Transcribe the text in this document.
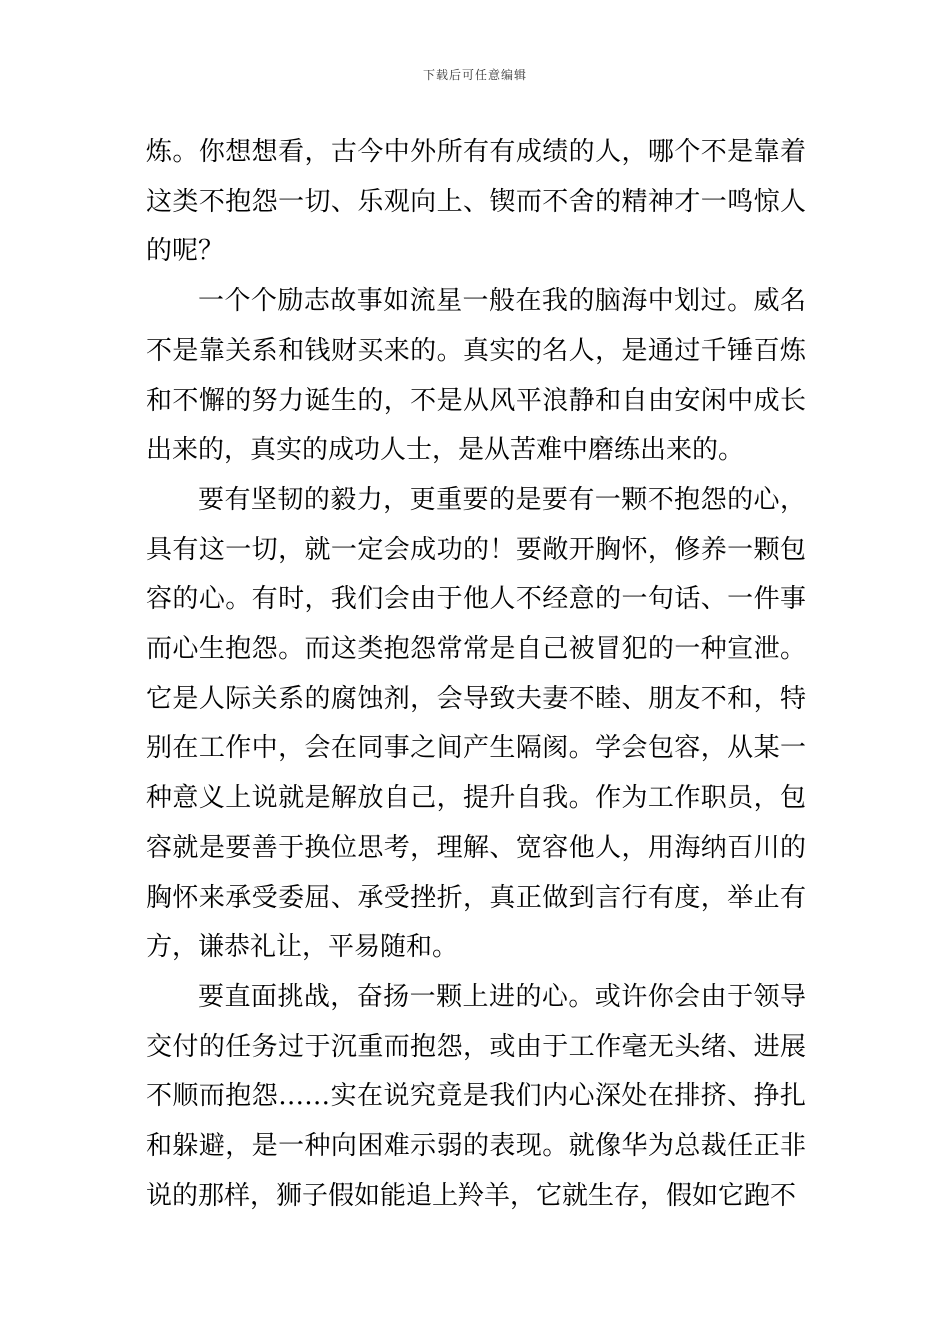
下载后可任意编辑

炼。你想想看，古今中外所有有成绩的人，哪个不是靠着这类不抱怨一切、乐观向上、锲而不舍的精神才一鸣惊人的呢？

一个个励志故事如流星一般在我的脑海中划过。威名不是靠关系和钱财买来的。真实的名人，是通过千锤百炼和不懈的努力诞生的，不是从风平浪静和自由安闲中成长出来的，真实的成功人士，是从苦难中磨练出来的。

要有坚韧的毅力，更重要的是要有一颗不抱怨的心，具有这一切，就一定会成功的！要敞开胸怀，修养一颗包容的心。有时，我们会由于他人不经意的一句话、一件事而心生抱怨。而这类抱怨常常是自己被冒犯的一种宣泄。它是人际关系的腐蚀剂，会导致夫妻不睦、朋友不和，特别在工作中，会在同事之间产生隔阂。学会包容，从某一种意义上说就是解放自己，提升自我。作为工作职员，包容就是要善于换位思考，理解、宽容他人，用海纳百川的胸怀来承受委屈、承受挫折，真正做到言行有度，举止有方，谦恭礼让，平易随和。

要直面挑战，奋扬一颗上进的心。或许你会由于领导交付的任务过于沉重而抱怨，或由于工作毫无头绪、进展不顺而抱怨……实在说究竟是我们内心深处在排挤、挣扎和躲避，是一种向困难示弱的表现。就像华为总裁任正非说的那样，狮子假如能追上羚羊，它就生存，假如它跑不
